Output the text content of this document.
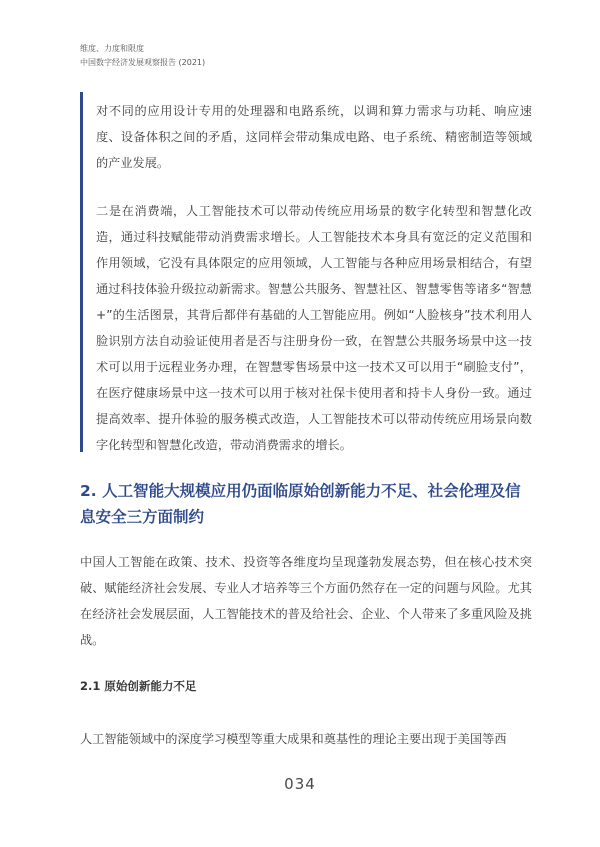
维度、力度和限度
中国数字经济发展观察报告 (2021)

对不同的应用设计专用的处理器和电路系统，以调和算力需求与功耗、响应速度、设备体积之间的矛盾，这同样会带动集成电路、电子系统、精密制造等领域的产业发展。

二是在消费端，人工智能技术可以带动传统应用场景的数字化转型和智慧化改造，通过科技赋能带动消费需求增长。人工智能技术本身具有宽泛的定义范围和作用领域，它没有具体限定的应用领域，人工智能与各种应用场景相结合，有望通过科技体验升级拉动新需求。智慧公共服务、智慧社区、智慧零售等诸多“智慧 +”的生活图景，其背后都伴有基础的人工智能应用。例如“人脸核身”技术利用人脸识别方法自动验证使用者是否与注册身份一致，在智慧公共服务场景中这一技术可以用于远程业务办理，在智慧零售场景中这一技术又可以用于“刷脸支付”，在医疗健康场景中这一技术可以用于核对社保卡使用者和持卡人身份一致。通过提高效率、提升体验的服务模式改造，人工智能技术可以带动传统应用场景向数字化转型和智慧化改造，带动消费需求的增长。

2. 人工智能大规模应用仍面临原始创新能力不足、社会伦理及信息安全三方面制约

中国人工智能在政策、技术、投资等各维度均呈现蓬勃发展态势，但在核心技术突破、赋能经济社会发展、专业人才培养等三个方面仍然存在一定的问题与风险。尤其在经济社会发展层面，人工智能技术的普及给社会、企业、个人带来了多重风险及挑战。

2.1 原始创新能力不足

人工智能领域中的深度学习模型等重大成果和奠基性的理论主要出现于美国等西

034
